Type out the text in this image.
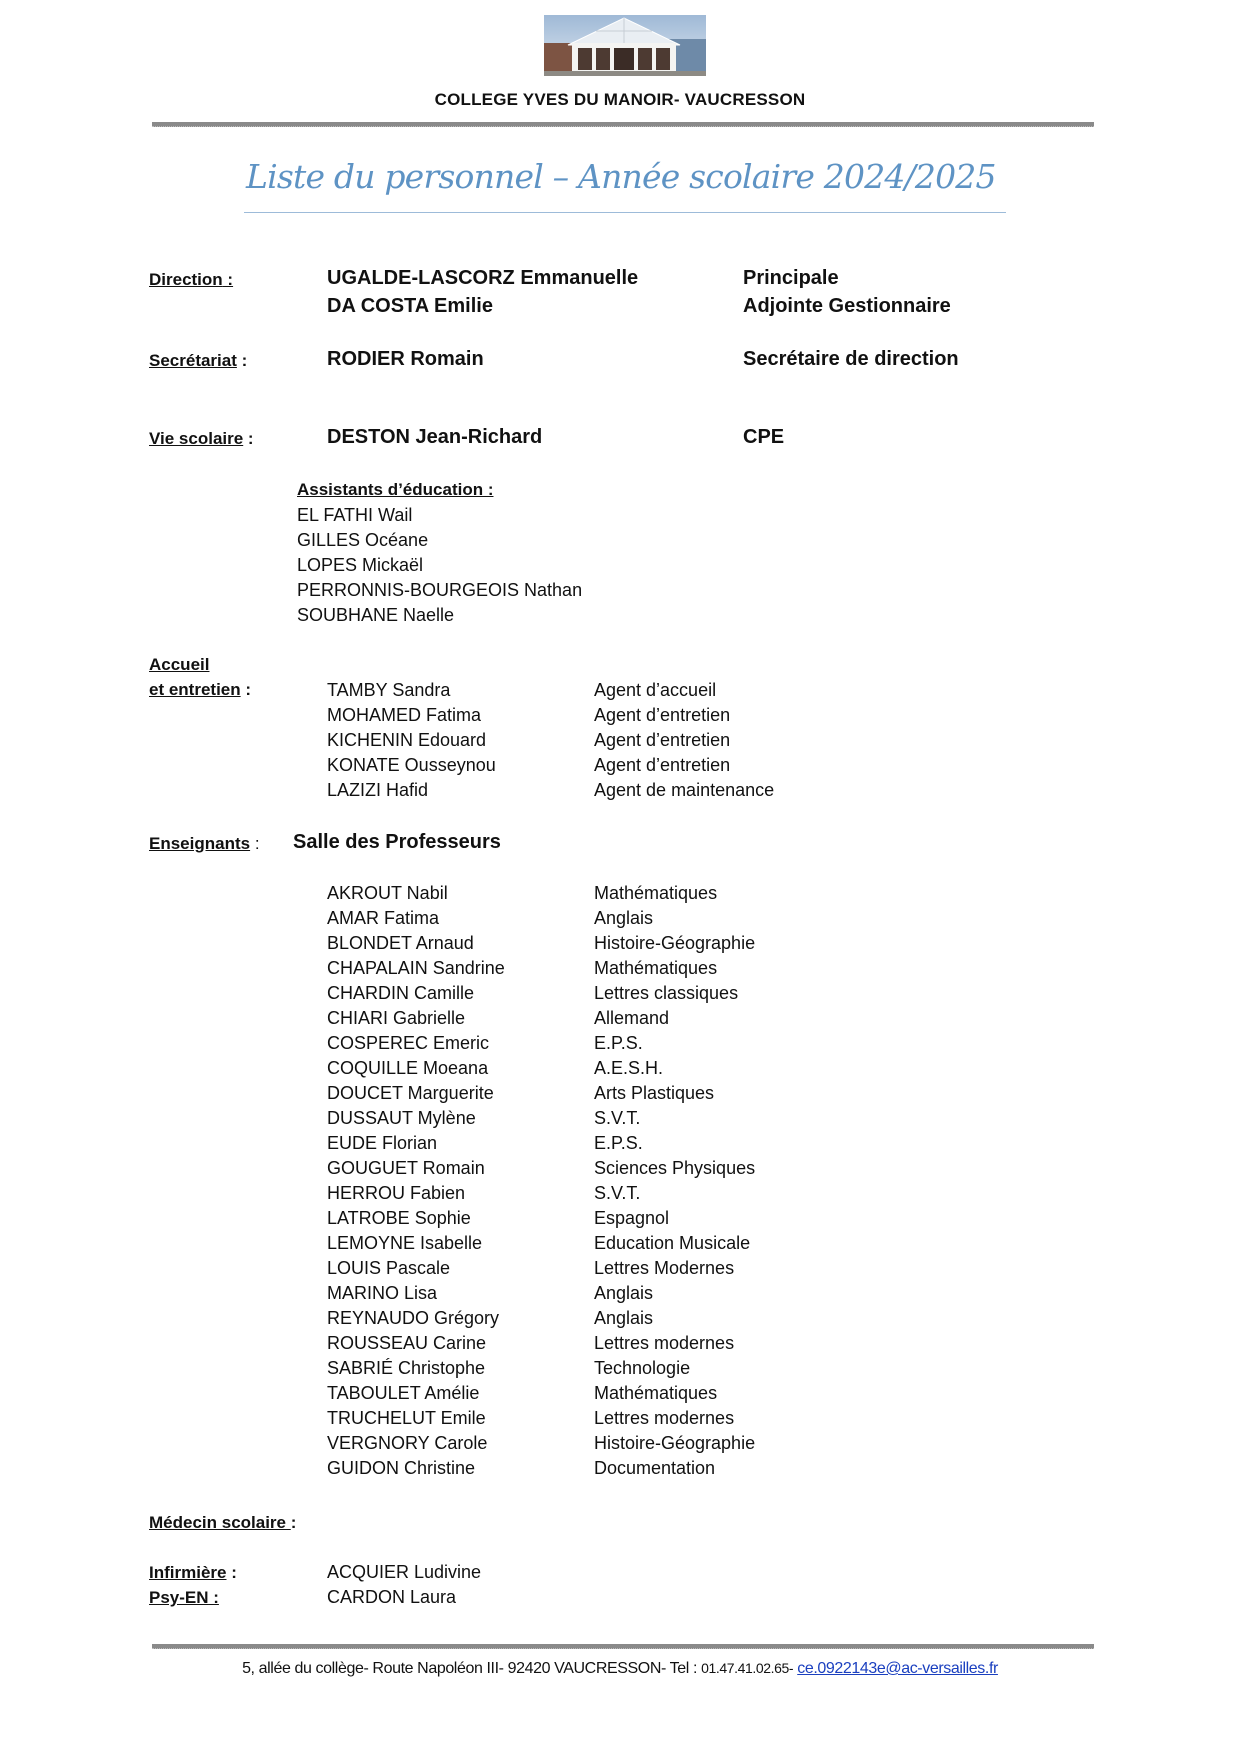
COLLEGE YVES DU MANOIR- VAUCRESSON
Liste du personnel – Année scolaire 2024/2025
Direction :	UGALDE-LASCORZ Emmanuelle	Principale
DA COSTA Emilie	Adjointe Gestionnaire
Secrétariat :	RODIER Romain	Secrétaire de direction
Vie scolaire :	DESTON Jean-Richard	CPE
Assistants d’éducation :
EL FATHI Wail
GILLES Océane
LOPES Mickaël
PERRONNIS-BOURGEOIS Nathan
SOUBHANE Naelle
Accueil
et entretien :	TAMBY Sandra	Agent d’accueil
MOHAMED Fatima	Agent d’entretien
KICHENIN Edouard	Agent d’entretien
KONATE Ousseynou	Agent d’entretien
LAZIZI Hafid	Agent de maintenance
Enseignants : Salle des Professeurs
AKROUT Nabil	Mathématiques
AMAR Fatima	Anglais
BLONDET Arnaud	Histoire-Géographie
CHAPALAIN Sandrine	Mathématiques
CHARDIN Camille	Lettres classiques
CHIARI Gabrielle	Allemand
COSPEREC Emeric	E.P.S.
COQUILLE Moeana	A.E.S.H.
DOUCET Marguerite	Arts Plastiques
DUSSAUT Mylène	S.V.T.
EUDE Florian	E.P.S.
GOUGUET Romain	Sciences Physiques
HERROU Fabien	S.V.T.
LATROBE Sophie	Espagnol
LEMOYNE Isabelle	Education Musicale
LOUIS Pascale	Lettres Modernes
MARINO Lisa	Anglais
REYNAUDO Grégory	Anglais
ROUSSEAU Carine	Lettres modernes
SABRIÉ Christophe	Technologie
TABOULET Amélie	Mathématiques
TRUCHELUT Emile	Lettres modernes
VERGNORY Carole	Histoire-Géographie
GUIDON Christine	Documentation
Médecin scolaire :
Infirmière :	ACQUIER Ludivine
Psy-EN :	CARDON Laura
5, allée du collège- Route Napoléon III- 92420 VAUCRESSON- Tel : 01.47.41.02.65- ce.0922143e@ac-versailles.fr
